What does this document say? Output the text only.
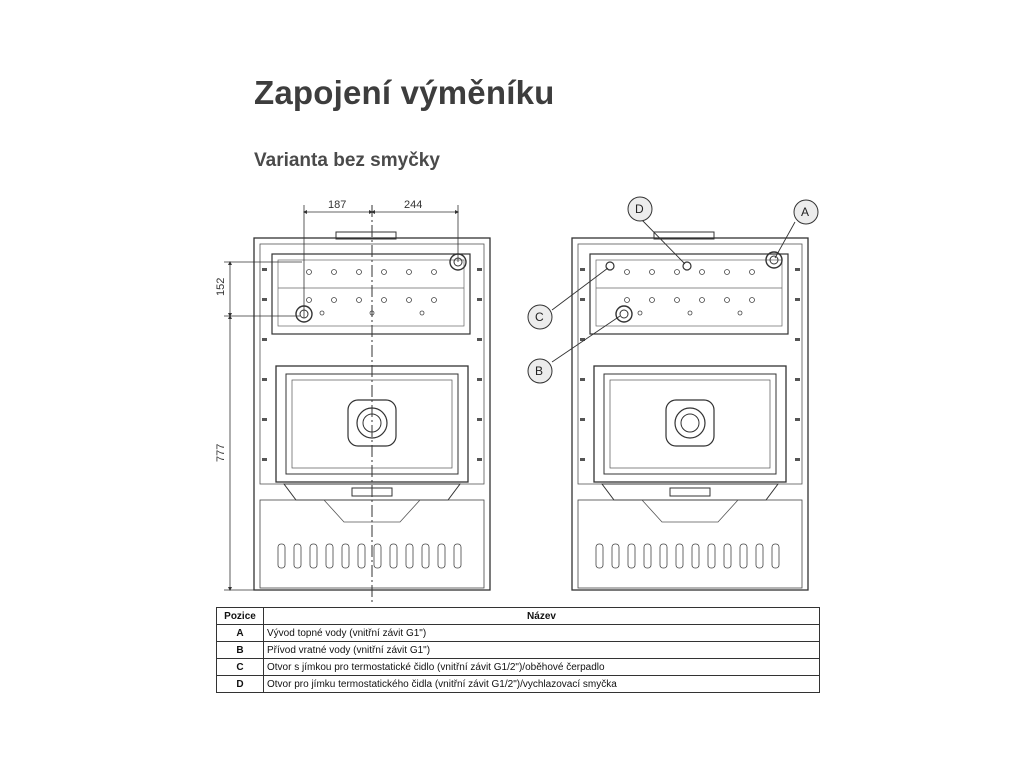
Zapojení výměníku
Varianta bez smyčky
187	244
152
777
A
D
C
B
Pozice	Název
A	Vývod topné vody (vnitřní závit G1")
B	Přívod vratné vody (vnitřní závit G1")
C	Otvor s jímkou pro termostatické čidlo (vnitřní závit G1/2")/oběhové čerpadlo
D	Otvor pro jímku termostatického čidla (vnitřní závit G1/2")/vychlazovací smyčka
